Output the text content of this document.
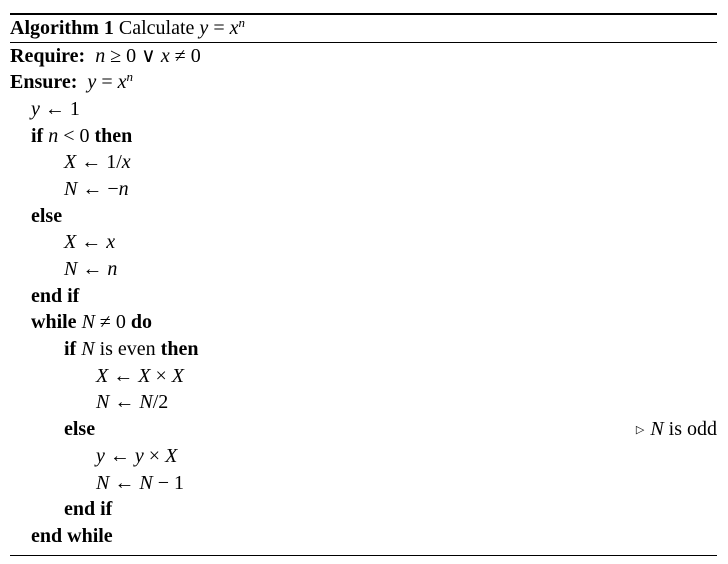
Algorithm 1 Calculate $y = x^n$
Require: n ≥ 0 ∨ x ≠ 0
Ensure: $y = x^n$
y ← 1
if n < 0 then
X ← 1/x
N ← −n
else
X ← x
N ← n
end if
while N ≠ 0 do
if N is even then
X ← X × X
N ← N/2
else	▷ N is odd
y ← y × X
N ← N − 1
end if
end while
